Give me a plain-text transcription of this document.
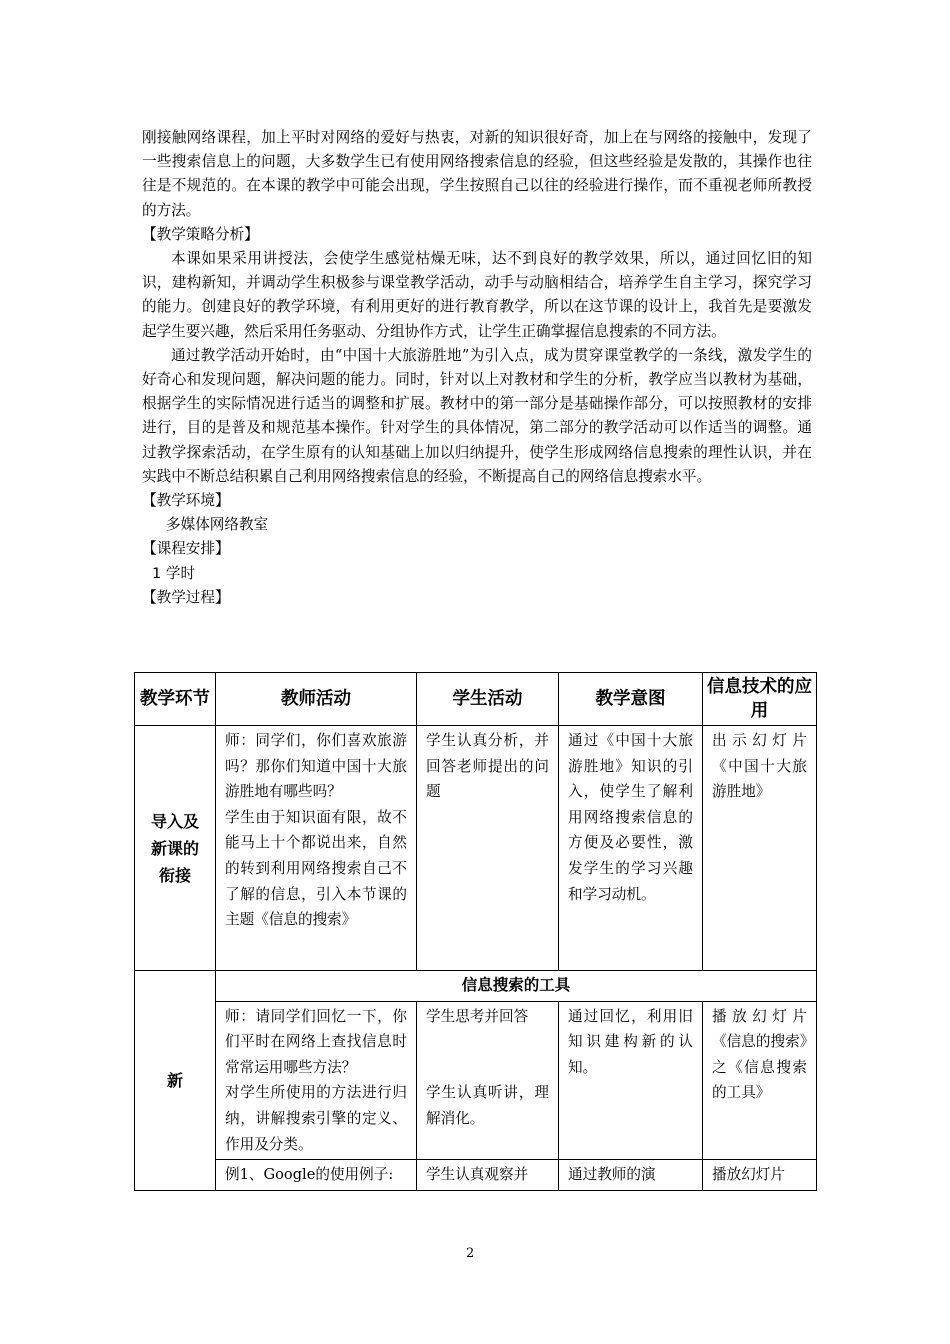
刚接触网络课程，加上平时对网络的爱好与热衷，对新的知识很好奇，加上在与网络的接触中，发现了一些搜索信息上的问题，大多数学生已有使用网络搜索信息的经验，但这些经验是发散的，其操作也往往是不规范的。在本课的教学中可能会出现，学生按照自己以往的经验进行操作，而不重视老师所教授的方法。

【教学策略分析】

本课如果采用讲授法，会使学生感觉枯燥无味，达不到良好的教学效果，所以，通过回忆旧的知识，建构新知，并调动学生积极参与课堂教学活动，动手与动脑相结合，培养学生自主学习，探究学习的能力。创建良好的教学环境，有利用更好的进行教育教学，所以在这节课的设计上，我首先是要激发起学生要兴趣，然后采用任务驱动、分组协作方式，让学生正确掌握信息搜索的不同方法。

通过教学活动开始时，由“中国十大旅游胜地”为引入点，成为贯穿课堂教学的一条线，激发学生的好奇心和发现问题，解决问题的能力。同时，针对以上对教材和学生的分析，教学应当以教材为基础，根据学生的实际情况进行适当的调整和扩展。教材中的第一部分是基础操作部分，可以按照教材的安排进行，目的是普及和规范基本操作。针对学生的具体情况，第二部分的教学活动可以作适当的调整。通过教学探索活动，在学生原有的认知基础上加以归纳提升，使学生形成网络信息搜索的理性认识，并在实践中不断总结积累自己利用网络搜索信息的经验，不断提高自己的网络信息搜索水平。

【教学环境】

多媒体网络教室

【课程安排】

1 学时

【教学过程】

教学环节	教师活动	学生活动	教学意图	信息技术的应用
导入及新课的衔接	师：同学们，你们喜欢旅游吗？那你们知道中国十大旅游胜地有哪些吗？
学生由于知识面有限，故不能马上十个都说出来，自然的转到利用网络搜索自己不了解的信息，引入本节课的主题《信息的搜索》	学生认真分析，并回答老师提出的问题	通过《中国十大旅游胜地》知识的引入，使学生了解利用网络搜索信息的方便及必要性，激发学生的学习兴趣和学习动机。	出示幻灯片《中国十大旅游胜地》

新	信息搜索的工具			

	师：请同学们回忆一下，你们平时在网络上查找信息时常常运用哪些方法？
对学生所使用的方法进行归纳，讲解搜索引擎的定义、作用及分类。	学生思考并回答
学生认真听讲，理解消化。	通过回忆，利用旧知识建构新的认知。	播放幻灯片《信息的搜索》之《信息搜索的工具》

	例1、Google的使用例子:	学生认真观察并	通过教师的演	播放幻灯片
2
